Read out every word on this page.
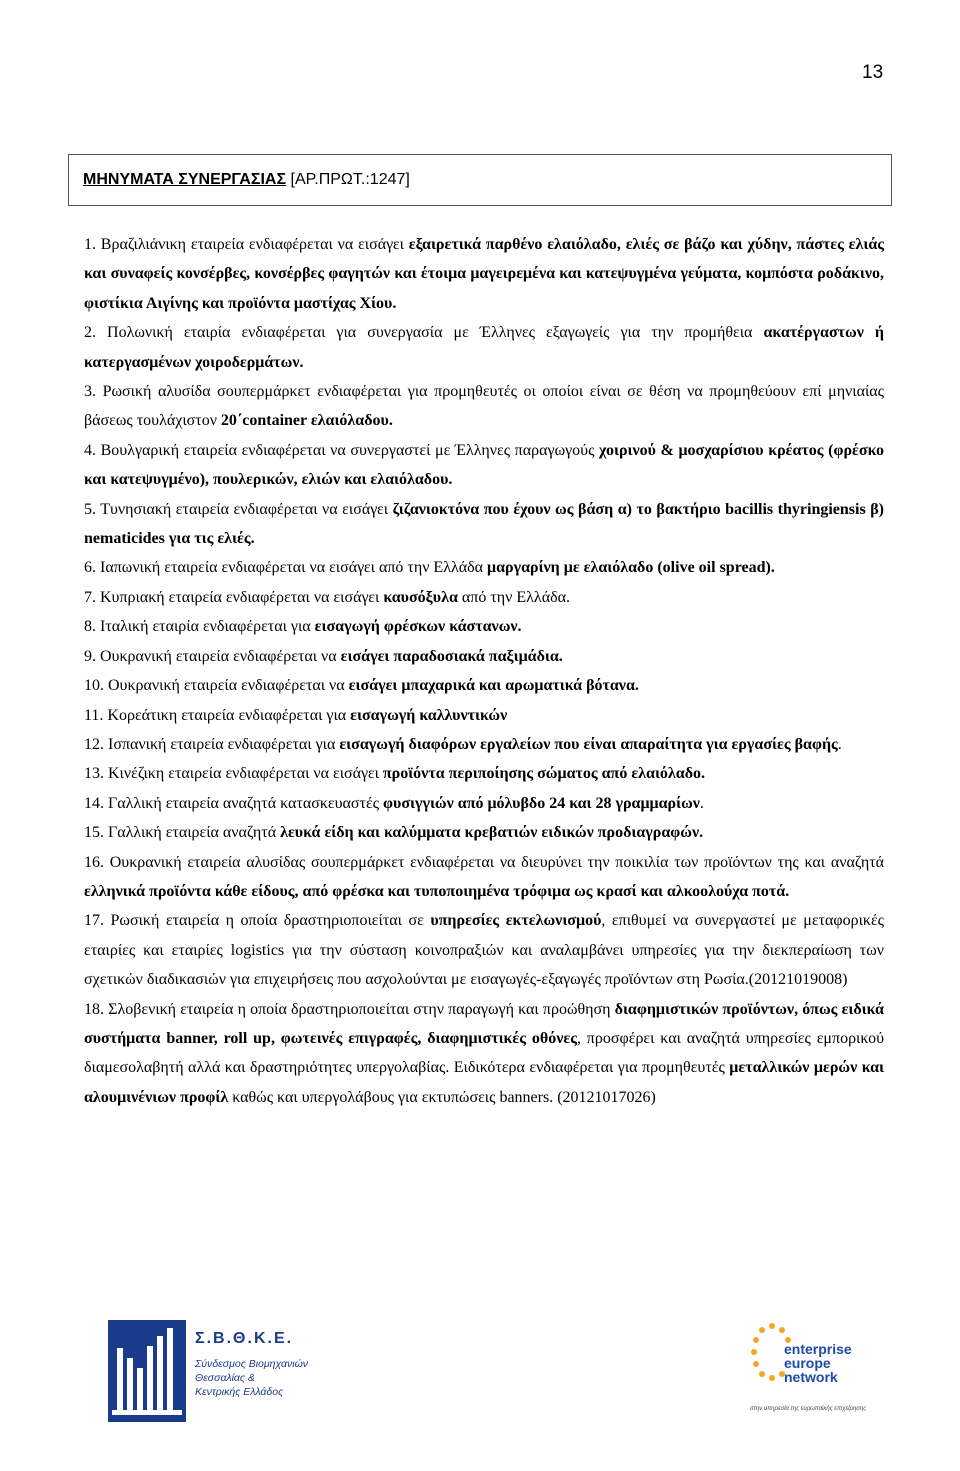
13
ΜΗΝΥΜΑΤΑ ΣΥΝΕΡΓΑΣΙΑΣ [ΑΡ.ΠΡΩΤ.:1247]

1. Βραζιλιάνικη εταιρεία ενδιαφέρεται να εισάγει εξαιρετικά παρθένο ελαιόλαδο, ελιές σε βάζο και χύδην, πάστες ελιάς και συναφείς κονσέρβες, κονσέρβες φαγητών και έτοιμα μαγειρεμένα και κατεψυγμένα γεύματα, κομπόστα ροδάκινο, φιστίκια Αιγίνης και προϊόντα μαστίχας Χίου.

2. Πολωνική εταιρία ενδιαφέρεται για συνεργασία με Έλληνες εξαγωγείς για την προμήθεια ακατέργαστων ή κατεργασμένων χοιροδερμάτων.

3. Ρωσική αλυσίδα σουπερμάρκετ ενδιαφέρεται για προμηθευτές οι οποίοι είναι σε θέση να προμηθεύουν επί μηνιαίας βάσεως τουλάχιστον 20΄container ελαιόλαδου.

4. Βουλγαρική εταιρεία ενδιαφέρεται να συνεργαστεί με Έλληνες παραγωγούς χοιρινού & μοσχαρίσιου κρέατος (φρέσκο και κατεψυγμένο), πουλερικών, ελιών και ελαιόλαδου.

5. Τυνησιακή εταιρεία ενδιαφέρεται να εισάγει ζιζανιοκτόνα που έχουν ως βάση α) το βακτήριο bacillis thyringiensis β) nematicides για τις ελιές.

6. Ιαπωνική εταιρεία ενδιαφέρεται να εισάγει από την Ελλάδα μαργαρίνη με ελαιόλαδο (olive oil spread).

7. Κυπριακή εταιρεία ενδιαφέρεται να εισάγει καυσόξυλα από την Ελλάδα.

8. Ιταλική εταιρία ενδιαφέρεται για εισαγωγή φρέσκων κάστανων.

9. Ουκρανική εταιρεία ενδιαφέρεται να εισάγει παραδοσιακά παξιμάδια.

10. Ουκρανική εταιρεία ενδιαφέρεται να εισάγει μπαχαρικά και αρωματικά βότανα.

11. Κορεάτικη εταιρεία ενδιαφέρεται για εισαγωγή καλλυντικών

12. Ισπανική εταιρεία ενδιαφέρεται για εισαγωγή διαφόρων εργαλείων που είναι απαραίτητα για εργασίες βαφής.

13. Κινέζικη εταιρεία ενδιαφέρεται να εισάγει προϊόντα περιποίησης σώματος από ελαιόλαδο.

14. Γαλλική εταιρεία αναζητά κατασκευαστές φυσιγγιών από μόλυβδο 24 και 28 γραμμαρίων.

15. Γαλλική εταιρεία αναζητά λευκά είδη και καλύμματα κρεβατιών ειδικών προδιαγραφών.

16. Ουκρανική εταιρεία αλυσίδας σουπερμάρκετ ενδιαφέρεται να διευρύνει την ποικιλία των προϊόντων της και αναζητά ελληνικά προϊόντα κάθε είδους, από φρέσκα και τυποποιημένα τρόφιμα ως κρασί και αλκοολούχα ποτά.

17. Ρωσική εταιρεία η οποία δραστηριοποιείται σε υπηρεσίες εκτελωνισμού, επιθυμεί να συνεργαστεί με μεταφορικές εταιρίες και εταιρίες logistics για την σύσταση κοινοπραξιών και αναλαμβάνει υπηρεσίες για την διεκπεραίωση των σχετικών διαδικασιών για επιχειρήσεις που ασχολούνται με εισαγωγές-εξαγωγές προϊόντων στη Ρωσία.(20121019008)

18. Σλοβενική εταιρεία η οποία δραστηριοποιείται στην παραγωγή και προώθηση διαφημιστικών προϊόντων, όπως ειδικά συστήματα banner, roll up, φωτεινές επιγραφές, διαφημιστικές οθόνες, προσφέρει και αναζητά υπηρεσίες εμπορικού διαμεσολαβητή αλλά και δραστηριότητες υπεργολαβίας. Ειδικότερα ενδιαφέρεται για προμηθευτές μεταλλικών μερών και αλουμινένιων προφίλ καθώς και υπεργολάβους για εκτυπώσεις banners. (20121017026)

Σ.Β.Θ.Κ.Ε.
Σύνδεσμος Βιομηχανιών
Θεσσαλίας &
Κεντρικής Ελλάδος
enterprise
europe
network
στην υπηρεσία της ευρωπαϊκής επιχείρησης
